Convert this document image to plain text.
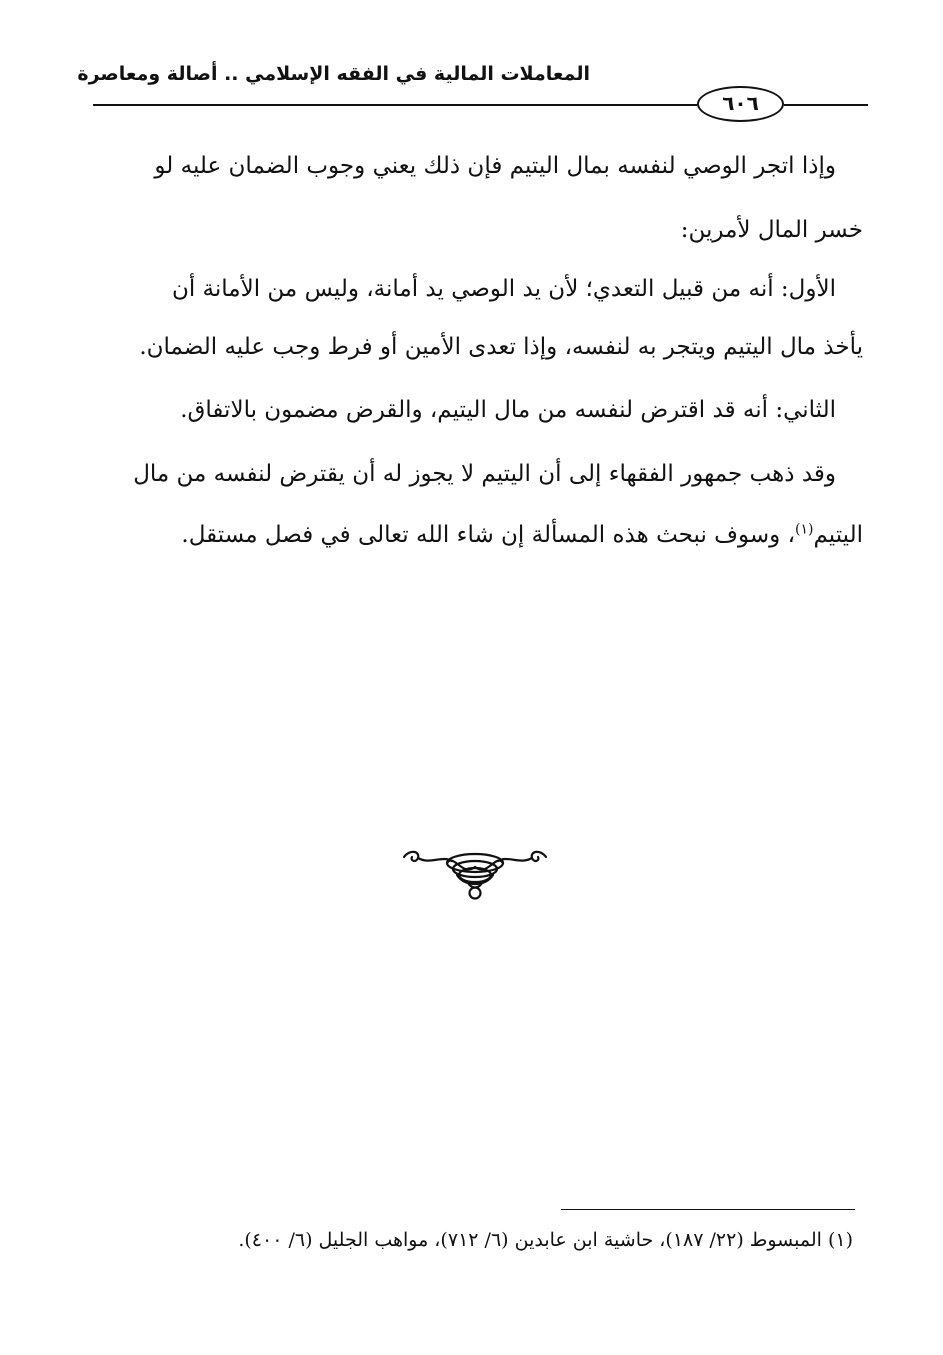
المعاملات المالية في الفقه الإسلامي .. أصالة ومعاصرة
٦٠٦
وإذا اتجر الوصي لنفسه بمال اليتيم فإن ذلك يعني وجوب الضمان عليه لو
خسر المال لأمرين:
الأول: أنه من قبيل التعدي؛ لأن يد الوصي يد أمانة، وليس من الأمانة أن
يأخذ مال اليتيم ويتجر به لنفسه، وإذا تعدى الأمين أو فرط وجب عليه الضمان.
الثاني: أنه قد اقترض لنفسه من مال اليتيم، والقرض مضمون بالاتفاق.
وقد ذهب جمهور الفقهاء إلى أن اليتيم لا يجوز له أن يقترض لنفسه من مال
اليتيم$^{(١)}$، وسوف نبحث هذه المسألة إن شاء الله تعالى في فصل مستقل.
(١) المبسوط (٢٢/ ١٨٧)، حاشية ابن عابدين (٦/ ٧١٢)، مواهب الجليل (٦/ ٤٠٠).
